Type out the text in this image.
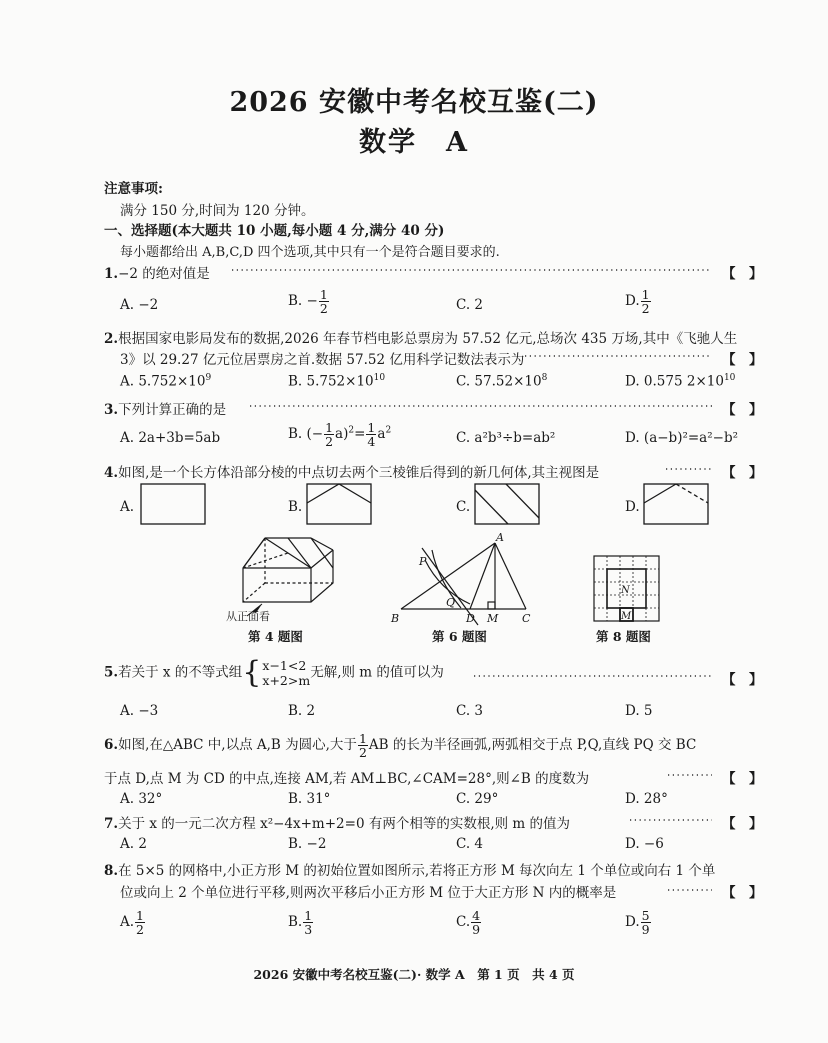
2026 安徽中考名校互鉴(二)
数学　A
注意事项:
满分 150 分,时间为 120 分钟。
一、选择题(本大题共 10 小题,每小题 4 分,满分 40 分)
每小题都给出 A,B,C,D 四个选项,其中只有一个是符合题目要求的.
1.−2 的绝对值是	【　】
A. −2	B. − $\frac{1}{2}$	C. 2	D. $\frac{1}{2}$
2.根据国家电影局发布的数据,2026 年春节档电影总票房为 57.52 亿元,总场次 435 万场,其中《飞驰人生
3》以 29.27 亿元位居票房之首.数据 57.52 亿用科学记数法表示为	【　】
A. $5.752\times 10^9$	B. $5.752\times 10^{10}$	C. $57.52\times 10^8$	D. 0.575 $2\times 10^{10}$
3.下列计算正确的是	【　】
A. 2a+3b=5ab	B. (− $\frac{1}{2} a)^2= \frac{1}{4} a^2$	C. a²b³÷b=ab²	D. (a−b)²=a²−b²
4.如图,是一个长方体沿部分棱的中点切去两个三棱锥后得到的新几何体,其主视图是	【　】
A.	B.	C.	D.
B
A
C
D M
P
Q
N
M
从正面看
第 4 题图	第 6 题图	第 8 题图
5.若关于 x 的不等式组 { x−1<2
x+2>m 无解,则 m 的值可以为	【　】
A. −3	B. 2	C. 3	D. 5
6.如图,在△ABC 中,以点 A,B 为圆心,大于 $\frac{1}{2}$ AB 的长为半径画弧,两弧相交于点 P,Q,直线 PQ 交 BC
于点 D,点 M 为 CD 的中点,连接 AM,若 AM⊥BC,∠CAM=28°,则∠B 的度数为	【　】
A. 32°	B. 31°	C. 29°	D. 28°
7.关于 x 的一元二次方程 x²−4x+m+2=0 有两个相等的实数根,则 m 的值为	【　】
A. 2	B. −2	C. 4	D. −6
8.在 5×5 的网格中,小正方形 M 的初始位置如图所示,若将正方形 M 每次向左 1 个单位或向右 1 个单
位或向上 2 个单位进行平移,则两次平移后小正方形 M 位于大正方形 N 内的概率是	【　】
A. $\frac{1}{2}$	B. $\frac{1}{3}$	C. $\frac{4}{9}$	D. $\frac{5}{9}$
2026 安徽中考名校互鉴(二)· 数学 A　第 1 页　共 4 页
